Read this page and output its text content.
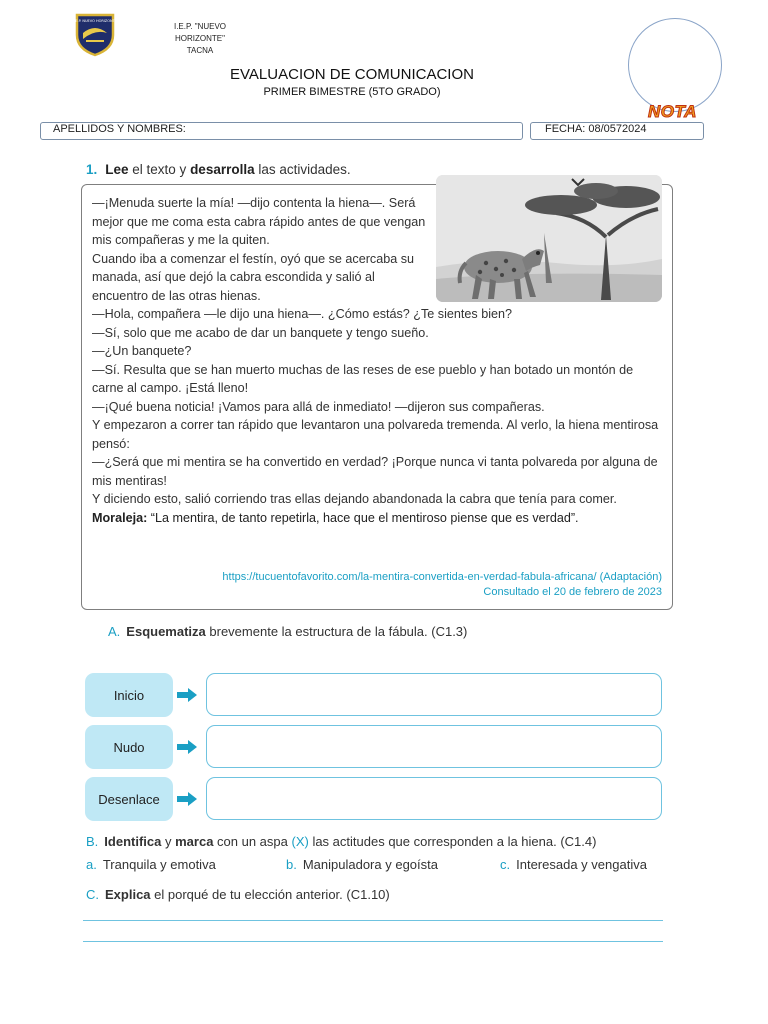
I.E.P. NUEVO HORIZONTE
I.E.P. "NUEVO HORIZONTE"
TACNA
NOTA
EVALUACION DE COMUNICACION
PRIMER BIMESTRE (5TO GRADO)
APELLIDOS Y NOMBRES:	FECHA: 08/0572024
1. Lee el texto y desarrolla las actividades.

—¡Menuda suerte la mía! —dijo contenta la hiena—. Será mejor que me coma esta cabra rápido antes de que vengan mis compañeras y me la quiten.

Cuando iba a comenzar el festín, oyó que se acercaba su manada, así que dejó la cabra escondida y salió al encuentro de las otras hienas.

—Hola, compañera —le dijo una hiena—. ¿Cómo estás? ¿Te sientes bien?

—Sí, solo que me acabo de dar un banquete y tengo sueño.

—¿Un banquete?

—Sí. Resulta que se han muerto muchas de las reses de ese pueblo y han botado un montón de carne al campo. ¡Está lleno!

—¡Qué buena noticia! ¡Vamos para allá de inmediato! —dijeron sus compañeras.

Y empezaron a correr tan rápido que levantaron una polvareda tremenda. Al verlo, la hiena mentirosa pensó:

—¿Será que mi mentira se ha convertido en verdad? ¡Porque nunca vi tanta polvareda por alguna de mis mentiras!

Y diciendo esto, salió corriendo tras ellas dejando abandonada la cabra que tenía para comer.

Moraleja: “La mentira, de tanto repetirla, hace que el mentiroso piense que es verdad”.

https://tucuentofavorito.com/la-mentira-convertida-en-verdad-fabula-africana/ (Adaptación)
Consultado el 20 de febrero de 2023
A. Esquematiza brevemente la estructura de la fábula. (C1.3)
Inicio
Nudo
Desenlace
B. Identifica y marca con un aspa (X) las actitudes que corresponden a la hiena. (C1.4)
a. Tranquila y emotiva	b. Manipuladora y egoísta	c. Interesada y vengativa
C. Explica el porqué de tu elección anterior. (C1.10)
